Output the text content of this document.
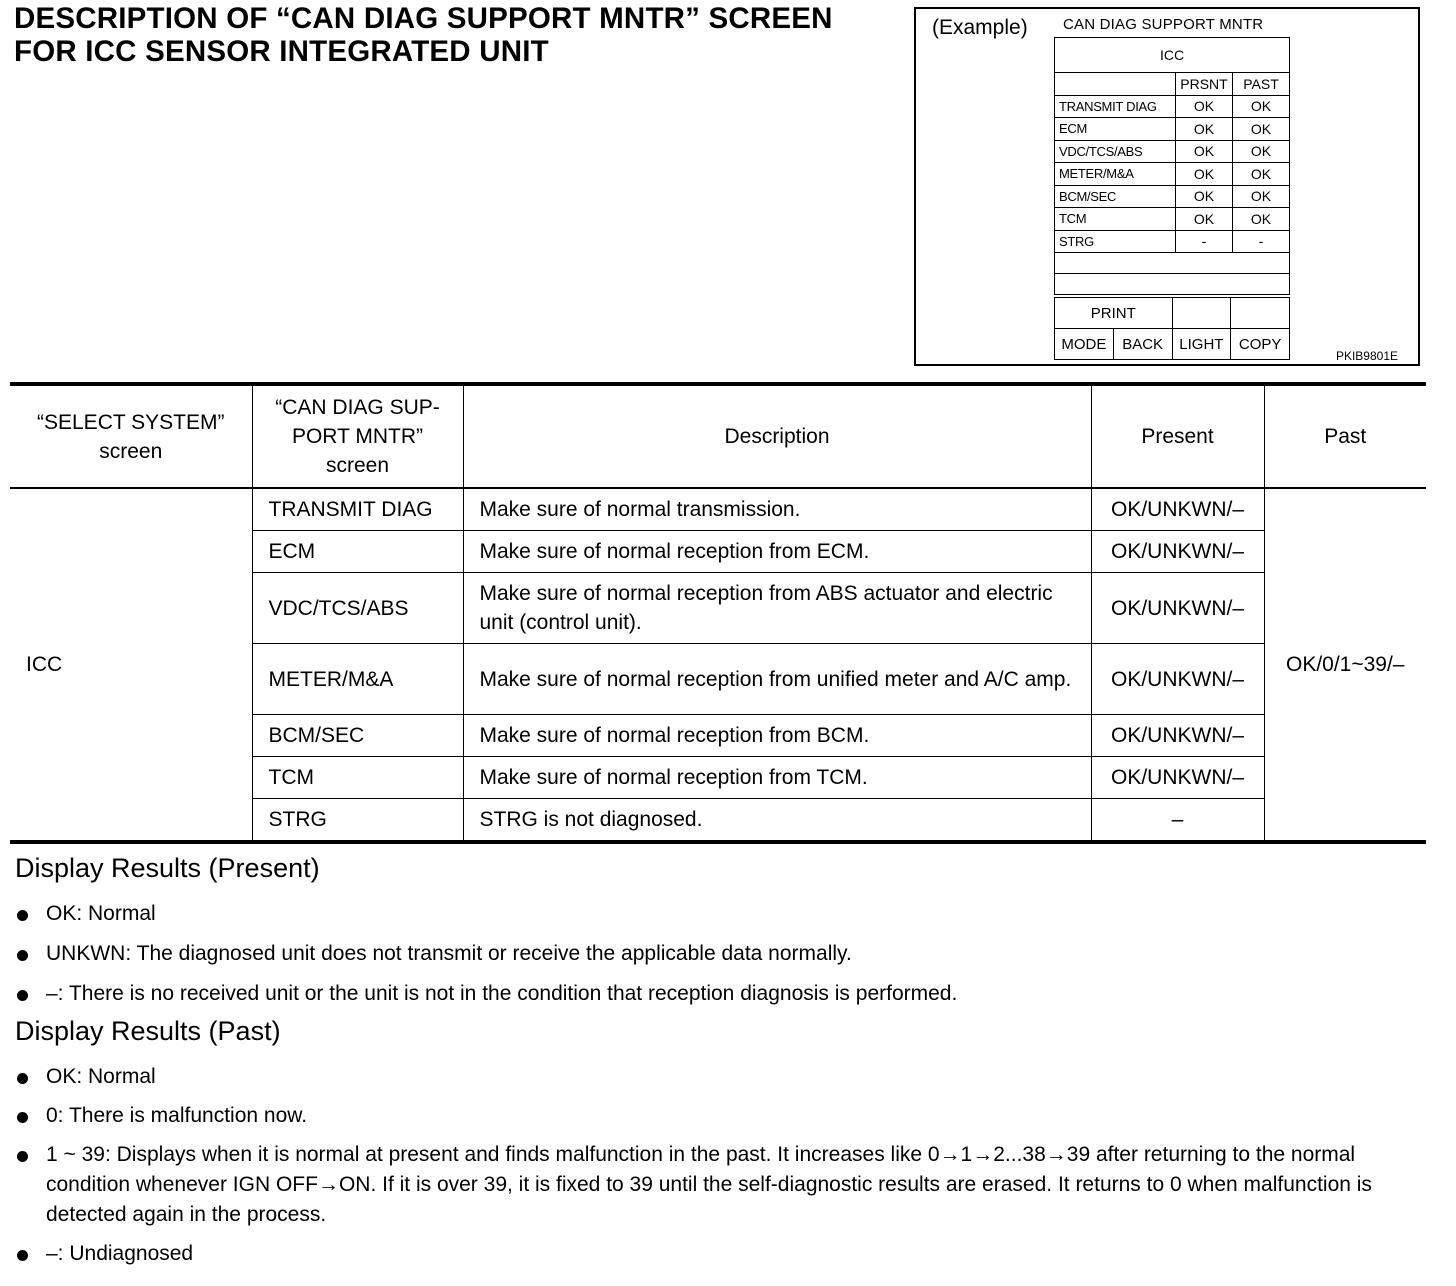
DESCRIPTION OF “CAN DIAG SUPPORT MNTR” SCREEN
FOR ICC SENSOR INTEGRATED UNIT
(Example) CAN DIAG SUPPORT MNTR
ICC		
	PRSNT	PAST
TRANSMIT DIAG	OK	OK
ECM	OK	OK
VDC/TCS/ABS	OK	OK
METER/M&A	OK	OK
BCM/SEC	OK	OK
TCM	OK	OK
STRG	-	-

PRINT			
MODE	BACK	LIGHT	COPY
PKIB9801E
“SELECT SYSTEM” screen	“CAN DIAG SUP-PORT MNTR” screen	Description	Present	Past
ICC	TRANSMIT DIAG	Make sure of normal transmission.	OK/UNKWN/–	OK/0/1~39/–
	ECM	Make sure of normal reception from ECM.	OK/UNKWN/–	
	VDC/TCS/ABS	Make sure of normal reception from ABS actuator and electric unit (control unit).	OK/UNKWN/–	
	METER/M&A	Make sure of normal reception from unified meter and A/C amp.	OK/UNKWN/–	
	BCM/SEC	Make sure of normal reception from BCM.	OK/UNKWN/–	
	TCM	Make sure of normal reception from TCM.	OK/UNKWN/–	
	STRG	STRG is not diagnosed.	–	
Display Results (Present)
OK: Normal
UNKWN: The diagnosed unit does not transmit or receive the applicable data normally.
–: There is no received unit or the unit is not in the condition that reception diagnosis is performed.
Display Results (Past)
OK: Normal
0: There is malfunction now.
1 ~ 39: Displays when it is normal at present and finds malfunction in the past. It increases like 0→1→2...38→39 after returning to the normal condition whenever IGN OFF→ON. If it is over 39, it is fixed to 39 until the self-diagnostic results are erased. It returns to 0 when malfunction is detected again in the process.
–: Undiagnosed
